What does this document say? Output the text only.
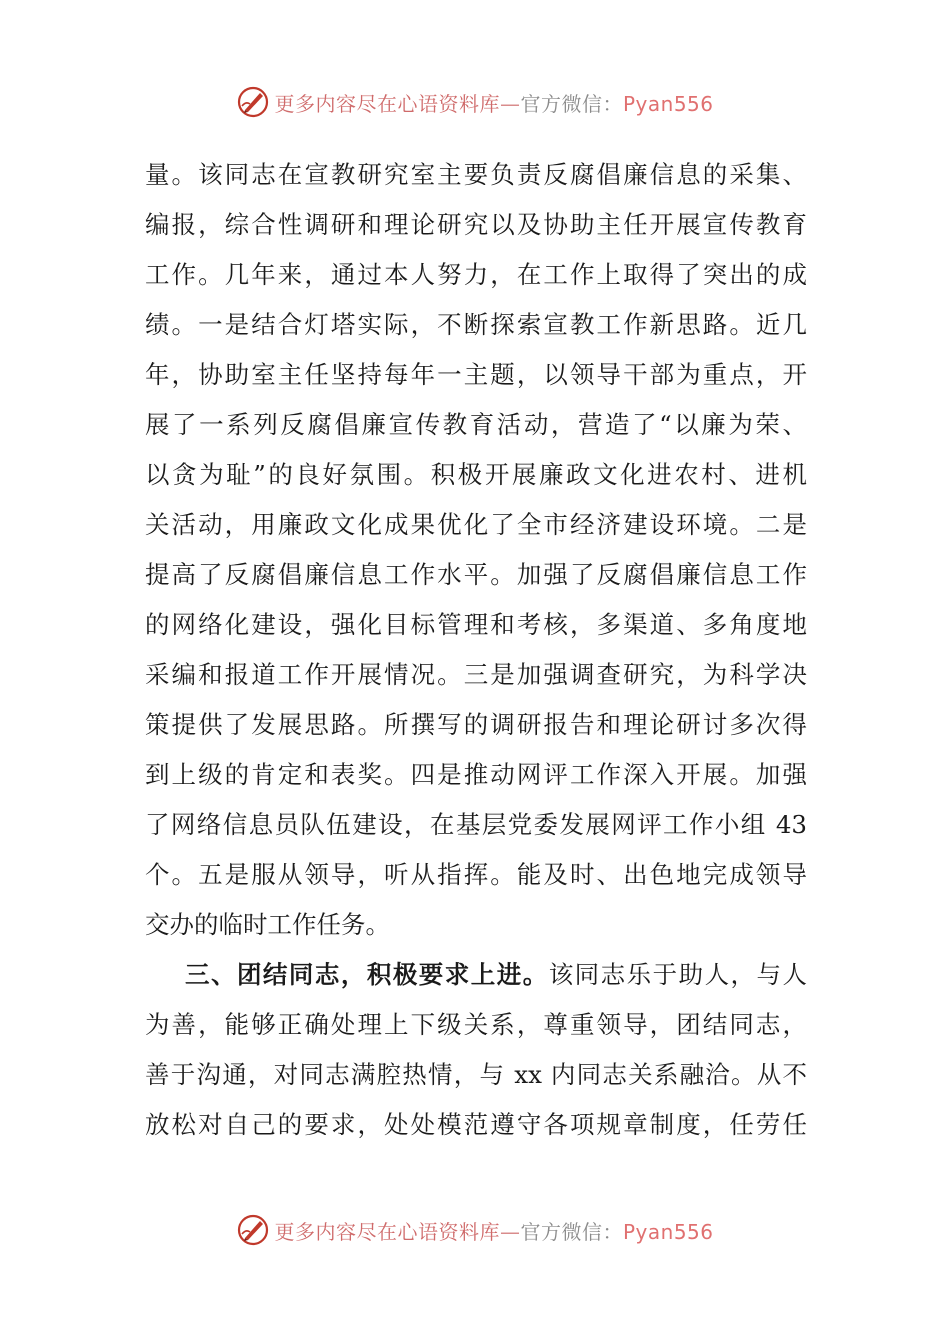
更多内容尽在心语资料库—官方微信：Pyan556
量。该同志在宣教研究室主要负责反腐倡廉信息的采集、
编报，综合性调研和理论研究以及协助主任开展宣传教育
工作。几年来，通过本人努力，在工作上取得了突出的成
绩。一是结合灯塔实际，不断探索宣教工作新思路。近几
年，协助室主任坚持每年一主题，以领导干部为重点，开
展了一系列反腐倡廉宣传教育活动，营造了“以廉为荣、
以贪为耻”的良好氛围。积极开展廉政文化进农村、进机
关活动，用廉政文化成果优化了全市经济建设环境。二是
提高了反腐倡廉信息工作水平。加强了反腐倡廉信息工作
的网络化建设，强化目标管理和考核，多渠道、多角度地
采编和报道工作开展情况。三是加强调查研究，为科学决
策提供了发展思路。所撰写的调研报告和理论研讨多次得
到上级的肯定和表奖。四是推动网评工作深入开展。加强
了网络信息员队伍建设，在基层党委发展网评工作小组 43
个。五是服从领导，听从指挥。能及时、出色地完成领导
交办的临时工作任务。
三、团结同志，积极要求上进。该同志乐于助人，与人
为善，能够正确处理上下级关系，尊重领导，团结同志，
善于沟通，对同志满腔热情，与 xx 内同志关系融洽。从不
放松对自己的要求，处处模范遵守各项规章制度，任劳任
更多内容尽在心语资料库—官方微信：Pyan556
